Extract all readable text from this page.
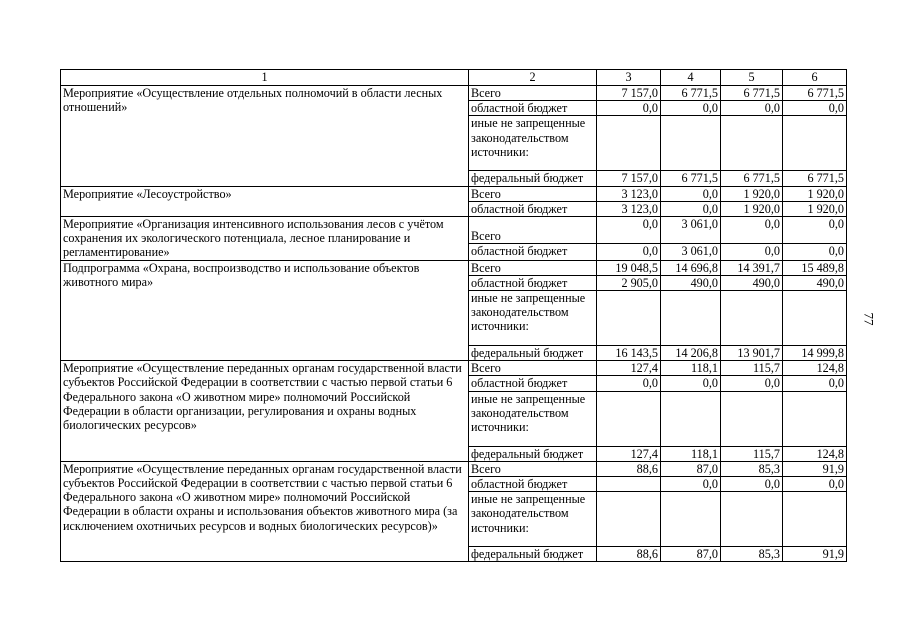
1	2	3	4	5	6
Мероприятие «Осуществление отдельных полномочий в области лесных отношений»	Всего	7 157,0	6 771,5	6 771,5	6 771,5
	областной бюджет	0,0	0,0	0,0	0,0
	иные не запрещенные законодательством источники:				
	федеральный бюджет	7 157,0	6 771,5	6 771,5	6 771,5
Мероприятие «Лесоустройство»	Всего	3 123,0	0,0	1 920,0	1 920,0
	областной бюджет	3 123,0	0,0	1 920,0	1 920,0
Мероприятие «Организация интенсивного использования лесов с учётом сохранения их экологического потенциала, лесное планирование и регламентирование»	Всего	0,0	3 061,0	0,0	0,0
	областной бюджет	0,0	3 061,0	0,0	0,0
Подпрограмма «Охрана, воспроизводство и использование объектов животного мира»	Всего	19 048,5	14 696,8	14 391,7	15 489,8
	областной бюджет	2 905,0	490,0	490,0	490,0
	иные не запрещенные законодательством источники:				
	федеральный бюджет	16 143,5	14 206,8	13 901,7	14 999,8
Мероприятие «Осуществление переданных органам государственной власти субъектов Российской Федерации в соответствии с частью первой статьи 6 Федерального закона «О животном мире» полномочий Российской Федерации в области организации, регулирования и охраны водных биологических ресурсов»	Всего	127,4	118,1	115,7	124,8
	областной бюджет	0,0	0,0	0,0	0,0
	иные не запрещенные законодательством источники:				
	федеральный бюджет	127,4	118,1	115,7	124,8
Мероприятие «Осуществление переданных органам государственной власти субъектов Российской Федерации в соответствии с частью первой статьи 6 Федерального закона «О животном мире» полномочий Российской Федерации в области охраны и использования объектов животного мира (за исключением охотничьих ресурсов и водных биологических ресурсов)»	Всего	88,6	87,0	85,3	91,9
	областной бюджет		0,0	0,0	0,0
	иные не запрещенные законодательством источники:				
	федеральный бюджет	88,6	87,0	85,3	91,9
77
